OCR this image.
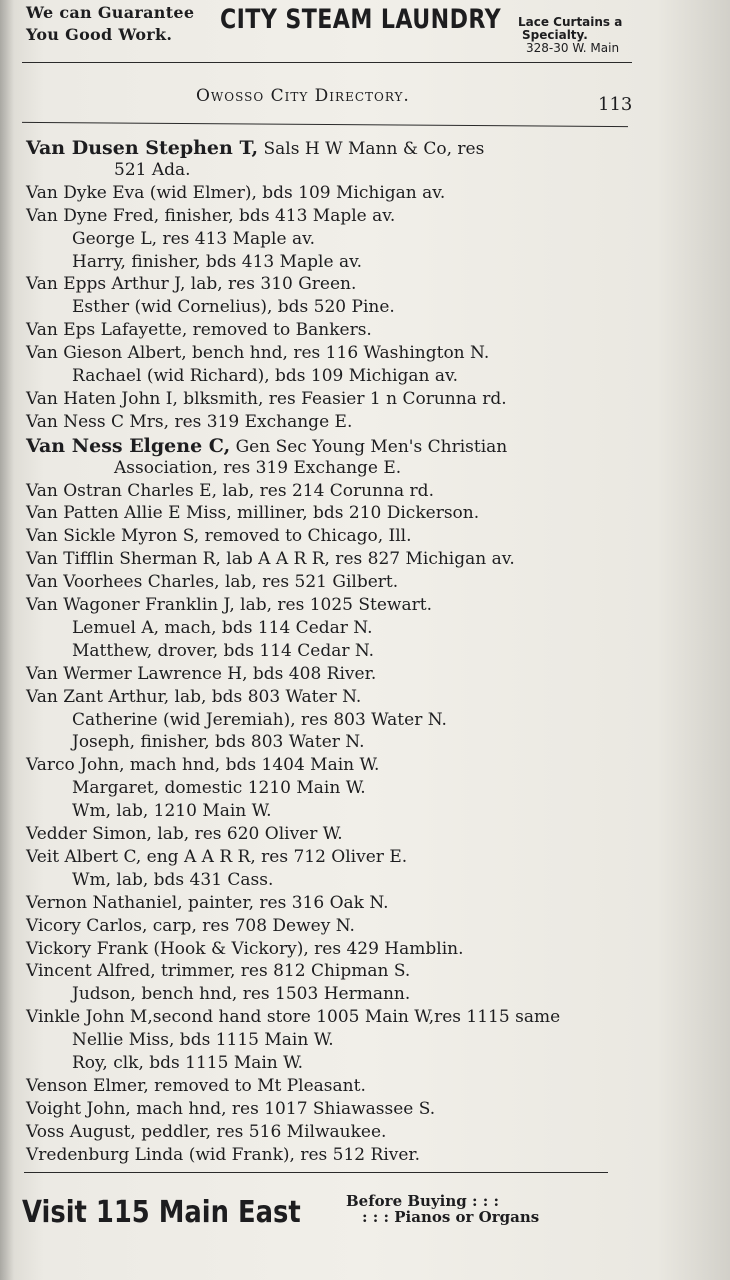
We can Guarantee
You Good Work.	CITY STEAM LAUNDRY Lace Curtains a
Specialty.
328-30 W. Main
Owosso City Directory.	113
Van Dusen Stephen T, Sals H W Mann & Co, res
521 Ada.
Van Dyke Eva (wid Elmer), bds 109 Michigan av.
Van Dyne Fred, finisher, bds 413 Maple av.
George L, res 413 Maple av.
Harry, finisher, bds 413 Maple av.
Van Epps Arthur J, lab, res 310 Green.
Esther (wid Cornelius), bds 520 Pine.
Van Eps Lafayette, removed to Bankers.
Van Gieson Albert, bench hnd, res 116 Washington N.
Rachael (wid Richard), bds 109 Michigan av.
Van Haten John I, blksmith, res Feasier 1 n Corunna rd.
Van Ness C Mrs, res 319 Exchange E.
Van Ness Elgene C, Gen Sec Young Men's Christian
Association, res 319 Exchange E.
Van Ostran Charles E, lab, res 214 Corunna rd.
Van Patten Allie E Miss, milliner, bds 210 Dickerson.
Van Sickle Myron S, removed to Chicago, Ill.
Van Tifflin Sherman R, lab A A R R, res 827 Michigan av.
Van Voorhees Charles, lab, res 521 Gilbert.
Van Wagoner Franklin J, lab, res 1025 Stewart.
Lemuel A, mach, bds 114 Cedar N.
Matthew, drover, bds 114 Cedar N.
Van Wermer Lawrence H, bds 408 River.
Van Zant Arthur, lab, bds 803 Water N.
Catherine (wid Jeremiah), res 803 Water N.
Joseph, finisher, bds 803 Water N.
Varco John, mach hnd, bds 1404 Main W.
Margaret, domestic 1210 Main W.
Wm, lab, 1210 Main W.
Vedder Simon, lab, res 620 Oliver W.
Veit Albert C, eng A A R R, res 712 Oliver E.
Wm, lab, bds 431 Cass.
Vernon Nathaniel, painter, res 316 Oak N.
Vicory Carlos, carp, res 708 Dewey N.
Vickory Frank (Hook & Vickory), res 429 Hamblin.
Vincent Alfred, trimmer, res 812 Chipman S.
Judson, bench hnd, res 1503 Hermann.
Vinkle John M,second hand store 1005 Main W,res 1115 same
Nellie Miss, bds 1115 Main W.
Roy, clk, bds 1115 Main W.
Venson Elmer, removed to Mt Pleasant.
Voight John, mach hnd, res 1017 Shiawassee S.
Voss August, peddler, res 516 Milwaukee.
Vredenburg Linda (wid Frank), res 512 River.
Visit 115 Main East	Before Buying : : :
: : : Pianos or Organs
